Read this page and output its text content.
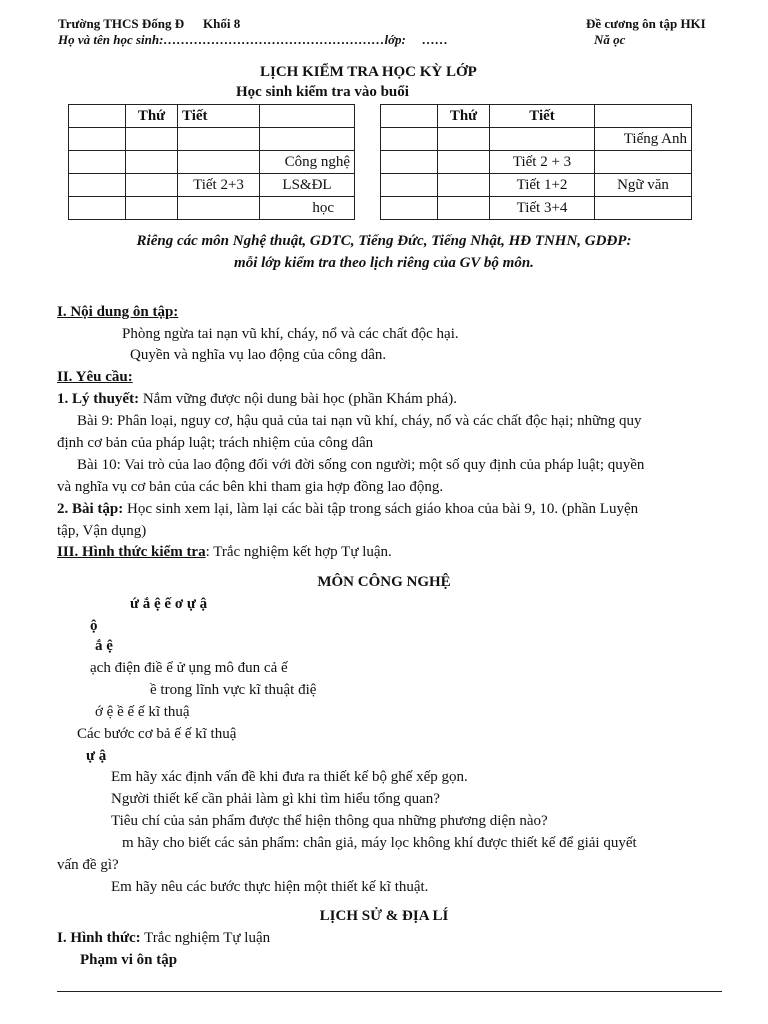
Trường THCS Đống Đ Khối 8	Đề cương ôn tập HKI
Họ và tên học sinh:……………………………………………lớp: ……	Nă ọc
LỊCH KIỂM TRA HỌC KỲ LỚP
Học sinh kiểm tra vào buổi
	Thứ	Tiết	

			Công nghệ
		Tiết 2+3	LS&ĐL
			học
	Thứ	Tiết	
			Tiếng Anh
		Tiết 2 + 3	
		Tiết 1+2	Ngữ văn
		Tiết 3+4	
Riêng các môn Nghệ thuật, GDTC, Tiếng Đức, Tiếng Nhật, HĐ TNHN, GDĐP:
mỗi lớp kiểm tra theo lịch riêng của GV bộ môn.
I. Nội dung ôn tập:
Phòng ngừa tai nạn vũ khí, cháy, nổ và các chất độc hại.
Quyền và nghĩa vụ lao động của công dân.
II. Yêu cầu:
1. Lý thuyết: Nắm vững được nội dung bài học (phần Khám phá).
Bài 9: Phân loại, nguy cơ, hậu quả của tai nạn vũ khí, cháy, nổ và các chất độc hại; những quy
định cơ bản của pháp luật; trách nhiệm của công dân
Bài 10: Vai trò của lao động đối với đời sống con người; một số quy định của pháp luật; quyền
và nghĩa vụ cơ bản của các bên khi tham gia hợp đồng lao động.
2. Bài tập: Học sinh xem lại, làm lại các bài tập trong sách giáo khoa của bài 9, 10. (phần Luyện
tập, Vận dụng)
III. Hình thức kiểm tra: Trắc nghiệm kết hợp Tự luận.
MÔN CÔNG NGHỆ
ứ ắ ệ ế ơ ự ậ
ộ
ắ ệ
ạch điện điề ể ử ụng mô đun cả ế
ề trong lĩnh vực kĩ thuật điệ
ớ ệ ề ế ế kĩ thuậ
Các bước cơ bả ế ế kĩ thuậ
ự ậ
Em hãy xác định vấn đề khi đưa ra thiết kế bộ ghế xếp gọn.
Người thiết kế cần phải làm gì khi tìm hiểu tổng quan?
Tiêu chí của sản phẩm được thể hiện thông qua những phương diện nào?
m hãy cho biết các sản phẩm: chân giả, máy lọc không khí được thiết kế để giải quyết
vấn đề gì?
Em hãy nêu các bước thực hiện một thiết kế kĩ thuật.
LỊCH SỬ & ĐỊA LÍ
I. Hình thức: Trắc nghiệm Tự luận
Phạm vi ôn tập
